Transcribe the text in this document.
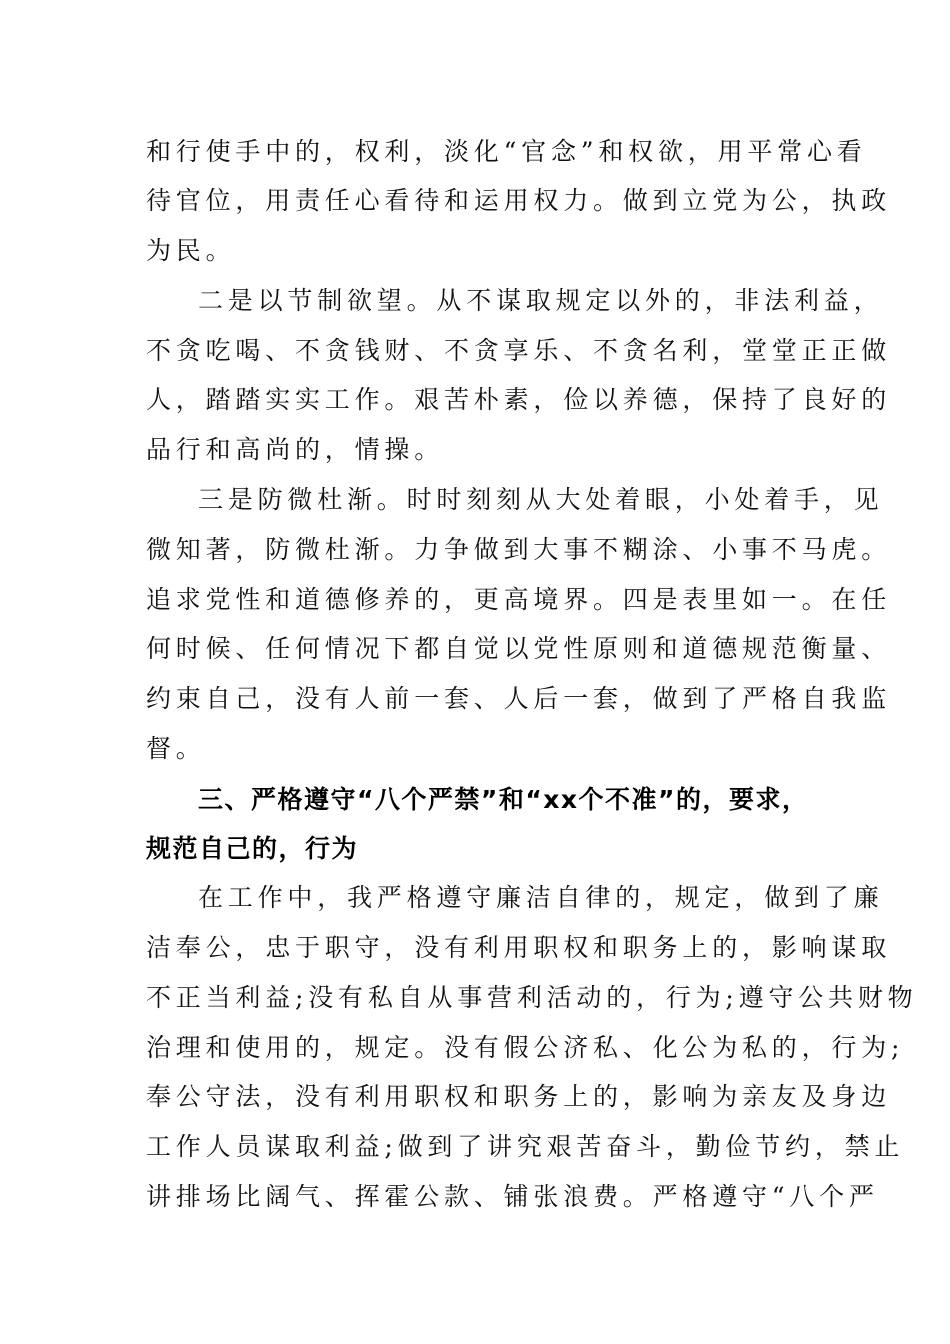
和行使手中的，权利，淡化“官念”和权欲，用平常心看
待官位，用责任心看待和运用权力。做到立党为公，执政
为民。
二是以节制欲望。从不谋取规定以外的，非法利益，
不贪吃喝、不贪钱财、不贪享乐、不贪名利，堂堂正正做
人，踏踏实实工作。艰苦朴素，俭以养德，保持了良好的
品行和高尚的，情操。
三是防微杜渐。时时刻刻从大处着眼，小处着手，见
微知著，防微杜渐。力争做到大事不糊涂、小事不马虎。
追求党性和道德修养的，更高境界。四是表里如一。在任
何时候、任何情况下都自觉以党性原则和道德规范衡量、
约束自己，没有人前一套、人后一套，做到了严格自我监
督。
三、严格遵守“八个严禁”和“xx个不准”的，要求，
规范自己的，行为
在工作中，我严格遵守廉洁自律的，规定，做到了廉
洁奉公，忠于职守，没有利用职权和职务上的，影响谋取
不正当利益;没有私自从事营利活动的，行为;遵守公共财物
治理和使用的，规定。没有假公济私、化公为私的，行为;
奉公守法，没有利用职权和职务上的，影响为亲友及身边
工作人员谋取利益;做到了讲究艰苦奋斗，勤俭节约，禁止
讲排场比阔气、挥霍公款、铺张浪费。严格遵守“八个严
